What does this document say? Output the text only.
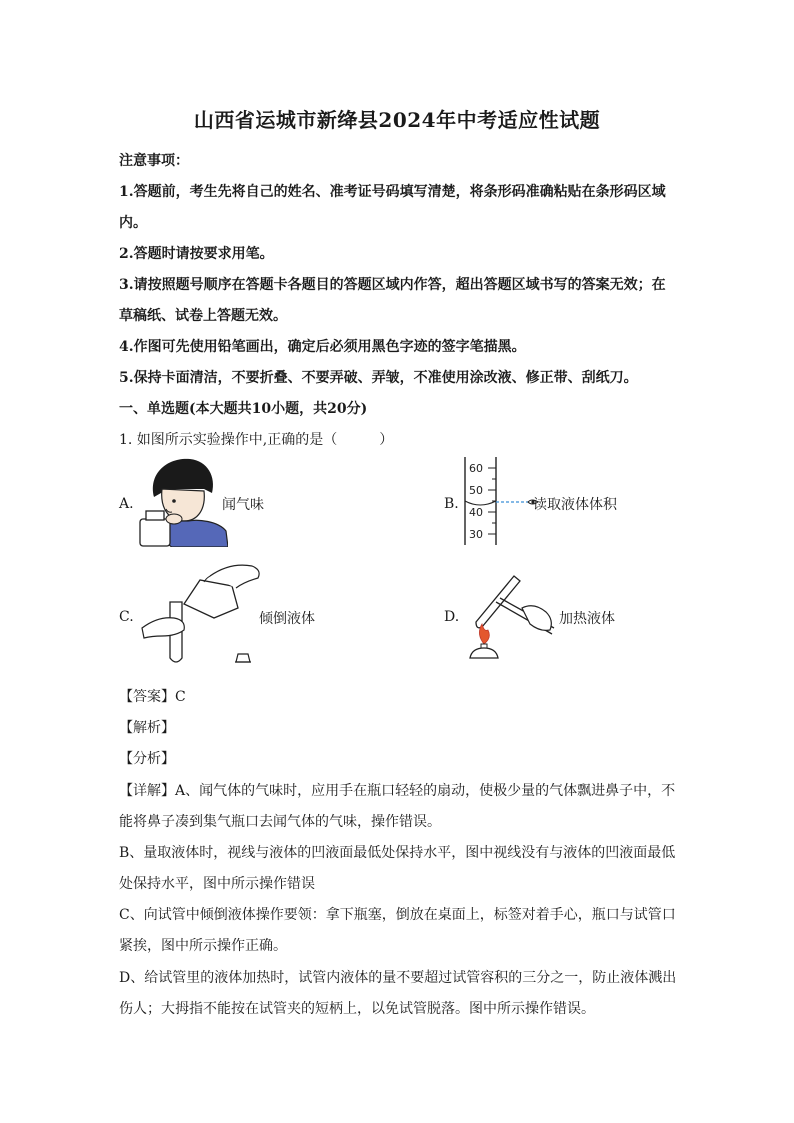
山西省运城市新绛县2024年中考适应性试题
注意事项：
1.答题前，考生先将自己的姓名、准考证号码填写清楚，将条形码准确粘贴在条形码区域
内。
2.答题时请按要求用笔。
3.请按照题号顺序在答题卡各题目的答题区域内作答，超出答题区域书写的答案无效；在
草稿纸、试卷上答题无效。
4.作图可先使用铅笔画出，确定后必须用黑色字迹的签字笔描黑。
5.保持卡面清洁，不要折叠、不要弄破、弄皱，不准使用涂改液、修正带、刮纸刀。
一、单选题(本大题共10小题，共20分)
1. 如图所示实验操作中,正确的是（　　　）
A.	闻气味	B.
60
50
40
30
读取液体体积
C.	倾倒液体	D.	加热液体
【答案】C
【解析】
【分析】
【详解】A、闻气体的气味时，应用手在瓶口轻轻的扇动，使极少量的气体飘进鼻子中，不
能将鼻子凑到集气瓶口去闻气体的气味，操作错误。
B、量取液体时，视线与液体的凹液面最低处保持水平，图中视线没有与液体的凹液面最低
处保持水平，图中所示操作错误
C、向试管中倾倒液体操作要领：拿下瓶塞，倒放在桌面上，标签对着手心，瓶口与试管口
紧挨，图中所示操作正确。
D、给试管里的液体加热时，试管内液体的量不要超过试管容积的三分之一，防止液体溅出
伤人；大拇指不能按在试管夹的短柄上，以免试管脱落。图中所示操作错误。
